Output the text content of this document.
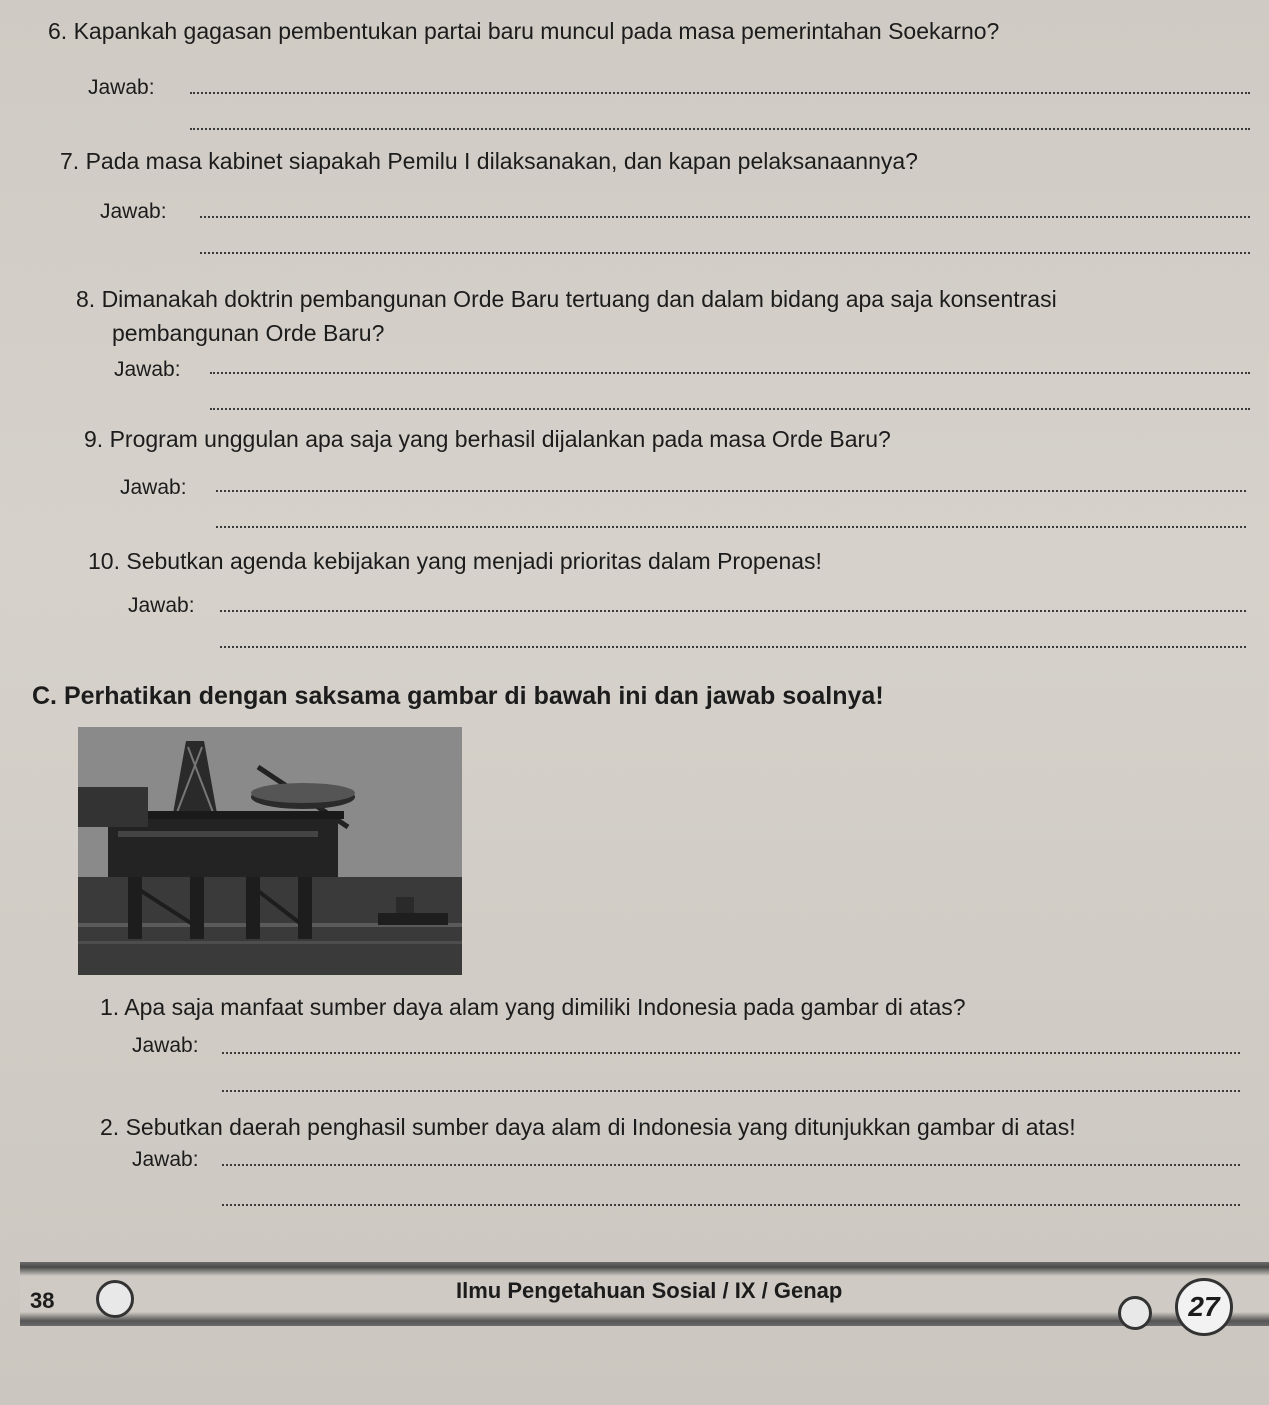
6. Kapankah gagasan pembentukan partai baru muncul pada masa pemerintahan Soekarno?
Jawab:
7. Pada masa kabinet siapakah Pemilu I dilaksanakan, dan kapan pelaksanaannya?
Jawab:
8. Dimanakah doktrin pembangunan Orde Baru tertuang dan dalam bidang apa saja konsentrasi
pembangunan Orde Baru?
Jawab:
9. Program unggulan apa saja yang berhasil dijalankan pada masa Orde Baru?
Jawab:
10. Sebutkan agenda kebijakan yang menjadi prioritas dalam Propenas!
Jawab:
C. Perhatikan dengan saksama gambar di bawah ini dan jawab soalnya!
1. Apa saja manfaat sumber daya alam yang dimiliki Indonesia pada gambar di atas?
Jawab:
2. Sebutkan daerah penghasil sumber daya alam di Indonesia yang ditunjukkan gambar di atas!
Jawab:
38	Ilmu Pengetahuan Sosial / IX / Genap
27
